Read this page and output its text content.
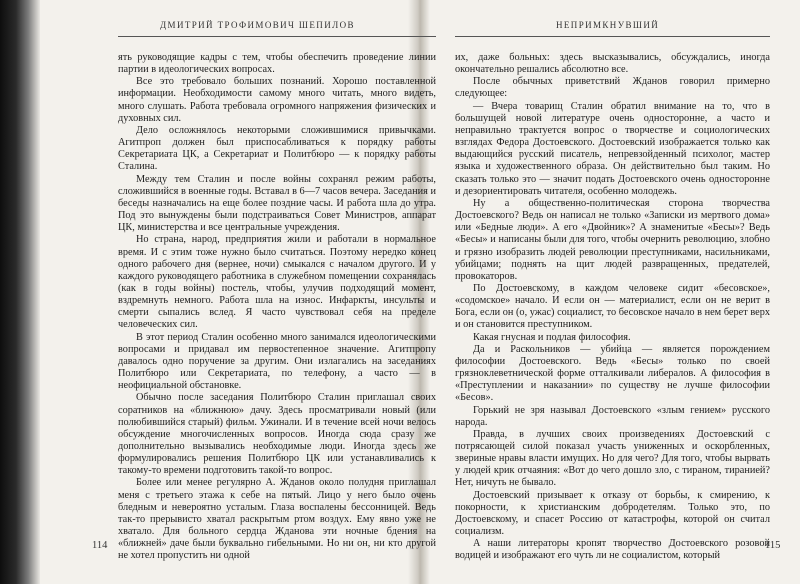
ДМИТРИЙ ТРОФИМОВИЧ ШЕПИЛОВ

ять руководящие кадры с тем, чтобы обеспечить проведение линии партии в идеологических вопросах.

Все это требовало больших познаний. Хорошо поставленной информации. Необходимости самому много читать, много видеть, много слушать. Работа требовала огромного напряжения физических и духовных сил.

Дело осложнялось некоторыми сложившимися привычками. Агитпроп должен был приспосабливаться к порядку работы Секретариата ЦК, а Секретариат и Политбюро — к порядку работы Сталина.

Между тем Сталин и после войны сохранял режим работы, сложившийся в военные годы. Вставал в 6—7 часов вечера. Заседания и беседы назначались на еще более поздние часы. И работа шла до утра. Под это вынуждены были подстраиваться Совет Министров, аппарат ЦК, министерства и все центральные учреждения.

Но страна, народ, предприятия жили и работали в нормальное время. И с этим тоже нужно было считаться. Поэтому нередко конец одного рабочего дня (вернее, ночи) смыкался с началом другого. И у каждого руководящего работника в служебном помещении сохранялась (как в годы войны) постель, чтобы, улучив подходящий момент, вздремнуть немного. Работа шла на износ. Инфаркты, инсульты и смерти сыпались вслед. Я часто чувствовал себя на пределе человеческих сил.

В этот период Сталин особенно много занимался идеологическими вопросами и придавал им первостепенное значение. Агитпропу давалось одно поручение за другим. Они излагались на заседаниях Политбюро или Секретариата, по телефону, а часто — в неофициальной обстановке.

Обычно после заседания Политбюро Сталин приглашал своих соратников на «ближнюю» дачу. Здесь просматривали новый (или полюбившийся старый) фильм. Ужинали. И в течение всей ночи велось обсуждение многочисленных вопросов. Иногда сюда сразу же дополнительно вызывались необходимые люди. Иногда здесь же формулировались решения Политбюро ЦК или устанавливались к такому-то времени подготовить такой-то вопрос.

Более или менее регулярно А. Жданов около полудня приглашал меня с третьего этажа к себе на пятый. Лицо у него было очень бледным и невероятно усталым. Глаза воспалены бессонницей. Ведь так-то прерывисто хватал раскрытым ртом воздух. Ему явно уже не хватало. Для больного сердца Жданова эти ночные бдения на «ближней» даче были буквально гибельными. Но ни он, ни кто другой не хотел пропустить ни одной

114
НЕПРИМКНУВШИЙ

их, даже больных: здесь высказывались, обсуждались, иногда окончательно решались абсолютно все.

После обычных приветствий Жданов говорил примерно следующее:

— Вчера товарищ Сталин обратил внимание на то, что в большущей новой литературе очень односторонне, а часто и неправильно трактуется вопрос о творчестве и социологических взглядах Федора Достоевского. Достоевский изображается только как выдающийся русский писатель, непревзойденный психолог, мастер языка и художественного образа. Он действительно был таким. Но сказать только это — значит подать Достоевского очень односторонне и дезориентировать читателя, особенно молодежь.

Ну а общественно-политическая сторона творчества Достоевского? Ведь он написал не только «Записки из мертвого дома» или «Бедные люди». А его «Двойник»? А знаменитые «Бесы»? Ведь «Бесы» и написаны были для того, чтобы очернить революцию, злобно и грязно изобразить людей революции преступниками, насильниками, убийцами; поднять на щит людей развращенных, предателей, провокаторов.

По Достоевскому, в каждом человеке сидит «бесовское», «содомское» начало. И если он — материалист, если он не верит в Бога, если он (о, ужас) социалист, то бесовское начало в нем берет верх и он становится преступником.

Какая гнусная и подлая философия.

Да и Раскольников — убийца — является порождением философии Достоевского. Ведь «Бесы» только по своей грязноклеветнической форме отталкивали либералов. А философия в «Преступлении и наказании» по существу не лучше философии «Бесов».

Горький не зря называл Достоевского «злым гением» русского народа.

Правда, в лучших своих произведениях Достоевский с потрясающей силой показал участь униженных и оскорбленных, звериные нравы власти имущих. Но для чего? Для того, чтобы вырвать у людей крик отчаяния: «Вот до чего дошло зло, с тираном, тиранией? Нет, ничуть не бывало.

Достоевский призывает к отказу от борьбы, к смирению, к покорности, к христианским добродетелям. Только это, по Достоевскому, и спасет Россию от катастрофы, которой он считал социализм.

А наши литераторы кропят творчество Достоевского розовой водицей и изображают его чуть ли не социалистом, который

115
